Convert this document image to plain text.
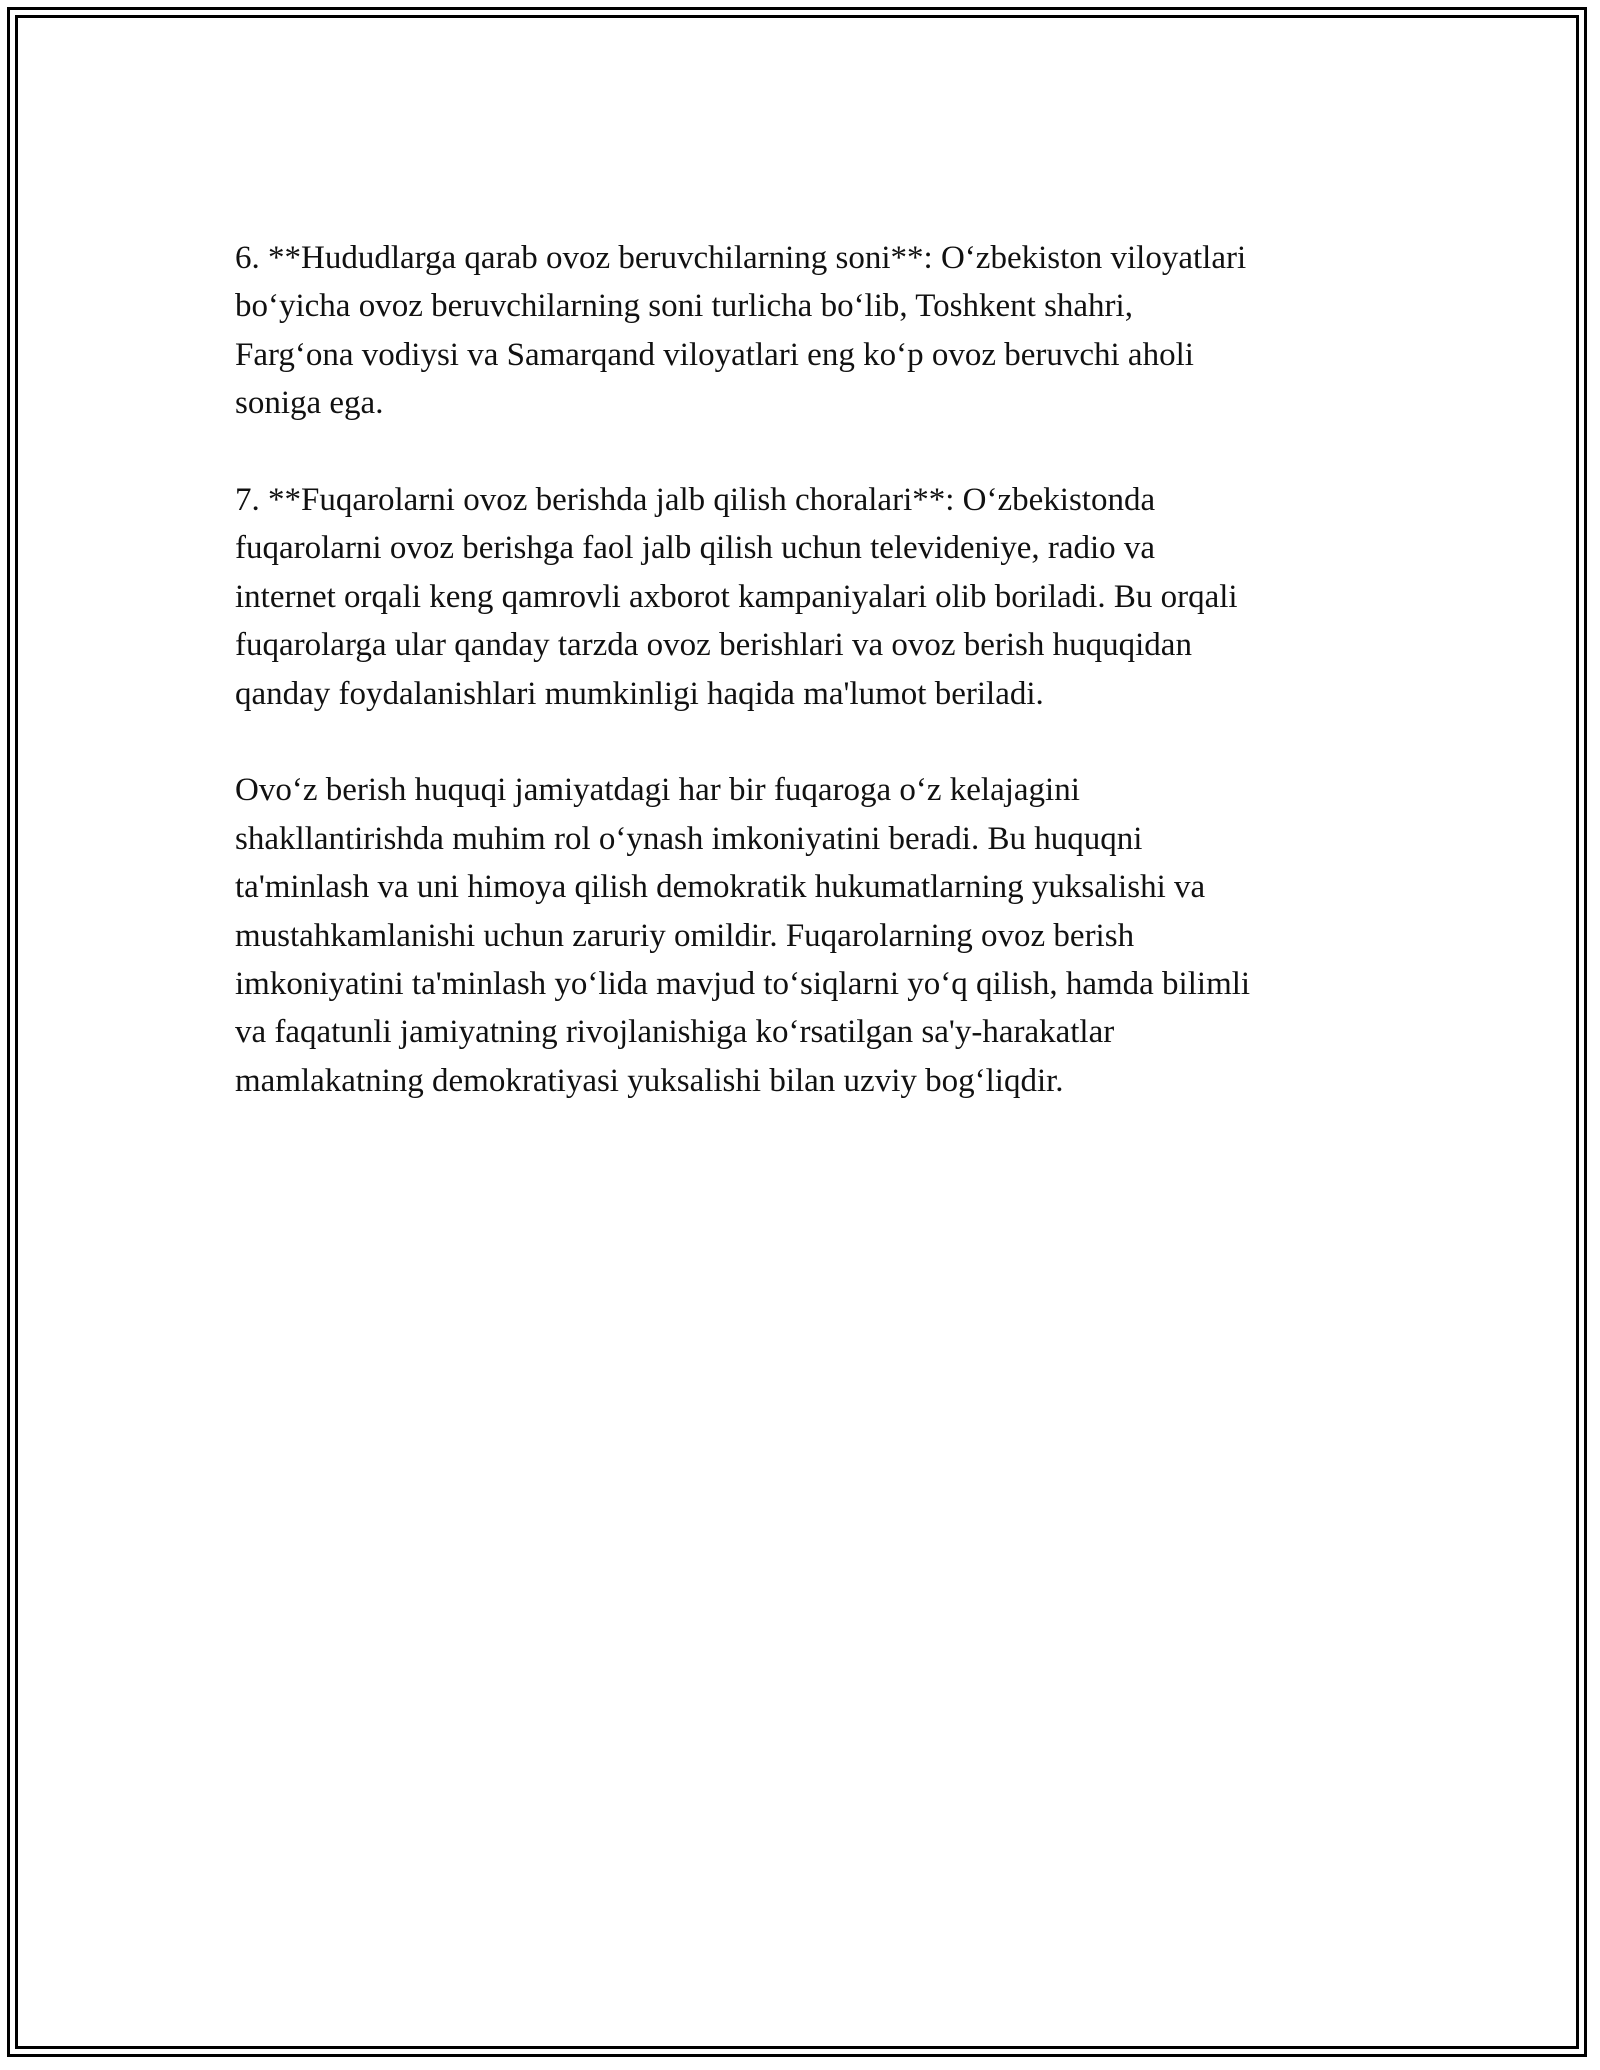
6. **Hududlarga qarab ovoz beruvchilarning soni**: O‘zbekiston viloyatlari
bo‘yicha ovoz beruvchilarning soni turlicha bo‘lib, Toshkent shahri,
Farg‘ona vodiysi va Samarqand viloyatlari eng ko‘p ovoz beruvchi aholi
soniga ega.

7. **Fuqarolarni ovoz berishda jalb qilish choralari**: O‘zbekistonda
fuqarolarni ovoz berishga faol jalb qilish uchun televideniye, radio va
internet orqali keng qamrovli axborot kampaniyalari olib boriladi. Bu orqali
fuqarolarga ular qanday tarzda ovoz berishlari va ovoz berish huquqidan
qanday foydalanishlari mumkinligi haqida ma'lumot beriladi.

Ovo‘z berish huquqi jamiyatdagi har bir fuqaroga o‘z kelajagini
shakllantirishda muhim rol o‘ynash imkoniyatini beradi. Bu huquqni
ta'minlash va uni himoya qilish demokratik hukumatlarning yuksalishi va
mustahkamlanishi uchun zaruriy omildir. Fuqarolarning ovoz berish
imkoniyatini ta'minlash yo‘lida mavjud to‘siqlarni yo‘q qilish, hamda bilimli
va faqatunli jamiyatning rivojlanishiga ko‘rsatilgan sa'y-harakatlar
mamlakatning demokratiyasi yuksalishi bilan uzviy bog‘liqdir.
